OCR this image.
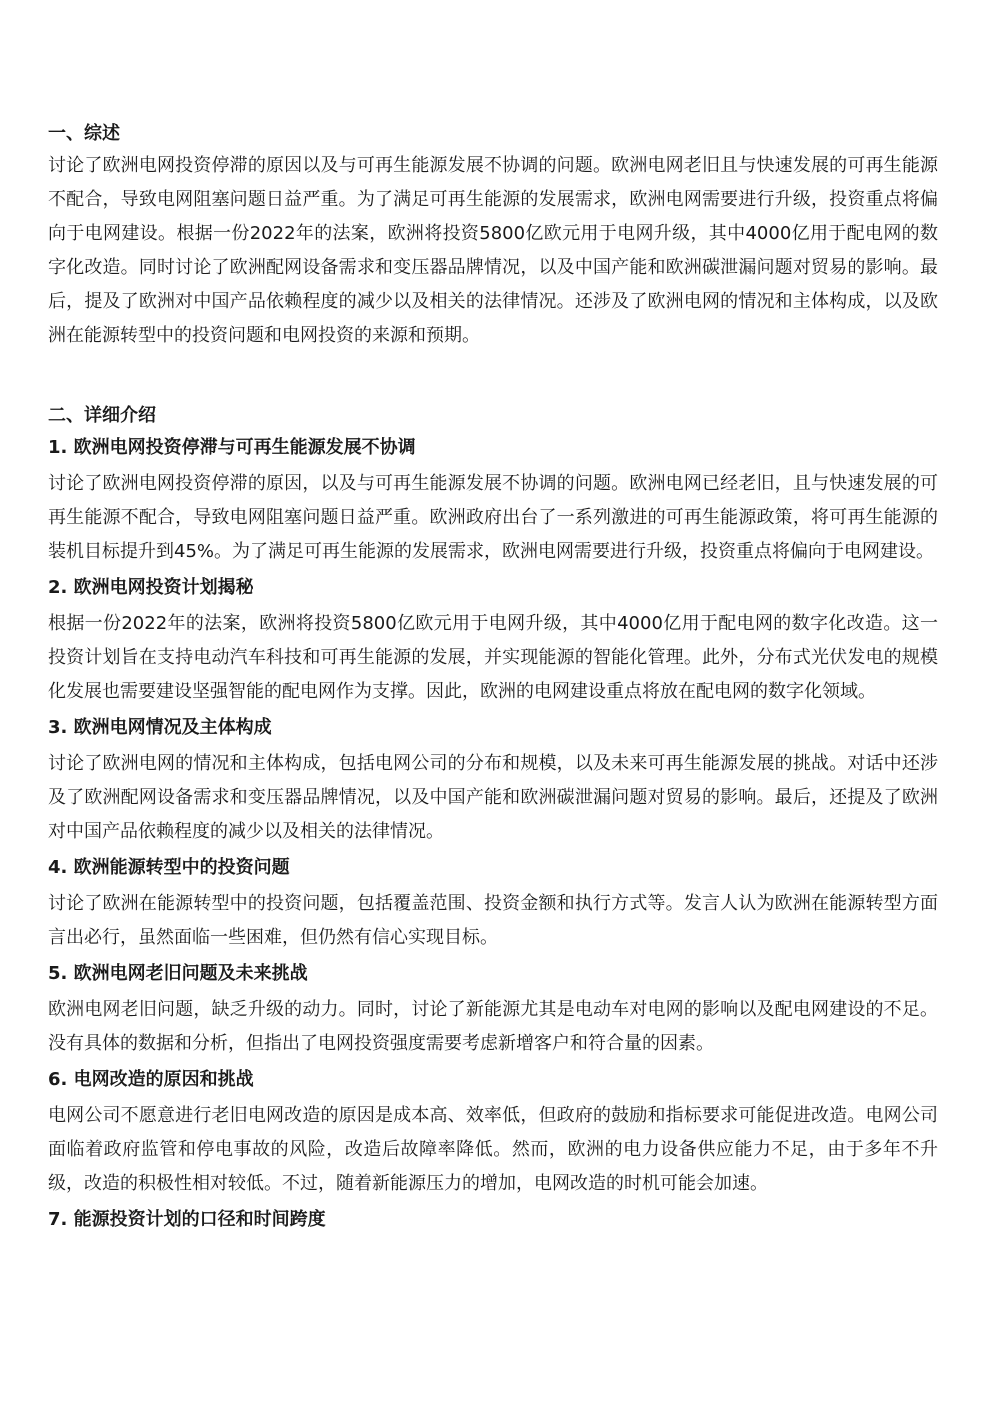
一、综述

讨论了欧洲电网投资停滞的原因以及与可再生能源发展不协调的问题。欧洲电网老旧且与快速发展的可再生能源不配合，导致电网阻塞问题日益严重。为了满足可再生能源的发展需求，欧洲电网需要进行升级，投资重点将偏向于电网建设。根据一份2022年的法案，欧洲将投资5800亿欧元用于电网升级，其中4000亿用于配电网的数字化改造。同时讨论了欧洲配网设备需求和变压器品牌情况，以及中国产能和欧洲碳泄漏问题对贸易的影响。最后，提及了欧洲对中国产品依赖程度的减少以及相关的法律情况。还涉及了欧洲电网的情况和主体构成，以及欧洲在能源转型中的投资问题和电网投资的来源和预期。

二、详细介绍
1. 欧洲电网投资停滞与可再生能源发展不协调

讨论了欧洲电网投资停滞的原因，以及与可再生能源发展不协调的问题。欧洲电网已经老旧，且与快速发展的可再生能源不配合，导致电网阻塞问题日益严重。欧洲政府出台了一系列激进的可再生能源政策，将可再生能源的装机目标提升到45%。为了满足可再生能源的发展需求，欧洲电网需要进行升级，投资重点将偏向于电网建设。

2. 欧洲电网投资计划揭秘

根据一份2022年的法案，欧洲将投资5800亿欧元用于电网升级，其中4000亿用于配电网的数字化改造。这一投资计划旨在支持电动汽车科技和可再生能源的发展，并实现能源的智能化管理。此外，分布式光伏发电的规模化发展也需要建设坚强智能的配电网作为支撑。因此，欧洲的电网建设重点将放在配电网的数字化领域。

3. 欧洲电网情况及主体构成

讨论了欧洲电网的情况和主体构成，包括电网公司的分布和规模，以及未来可再生能源发展的挑战。对话中还涉及了欧洲配网设备需求和变压器品牌情况，以及中国产能和欧洲碳泄漏问题对贸易的影响。最后，还提及了欧洲对中国产品依赖程度的减少以及相关的法律情况。

4. 欧洲能源转型中的投资问题

讨论了欧洲在能源转型中的投资问题，包括覆盖范围、投资金额和执行方式等。发言人认为欧洲在能源转型方面言出必行，虽然面临一些困难，但仍然有信心实现目标。

5. 欧洲电网老旧问题及未来挑战

欧洲电网老旧问题，缺乏升级的动力。同时，讨论了新能源尤其是电动车对电网的影响以及配电网建设的不足。没有具体的数据和分析，但指出了电网投资强度需要考虑新增客户和符合量的因素。

6. 电网改造的原因和挑战

电网公司不愿意进行老旧电网改造的原因是成本高、效率低，但政府的鼓励和指标要求可能促进改造。电网公司面临着政府监管和停电事故的风险，改造后故障率降低。然而，欧洲的电力设备供应能力不足，由于多年不升级，改造的积极性相对较低。不过，随着新能源压力的增加，电网改造的时机可能会加速。

7. 能源投资计划的口径和时间跨度
